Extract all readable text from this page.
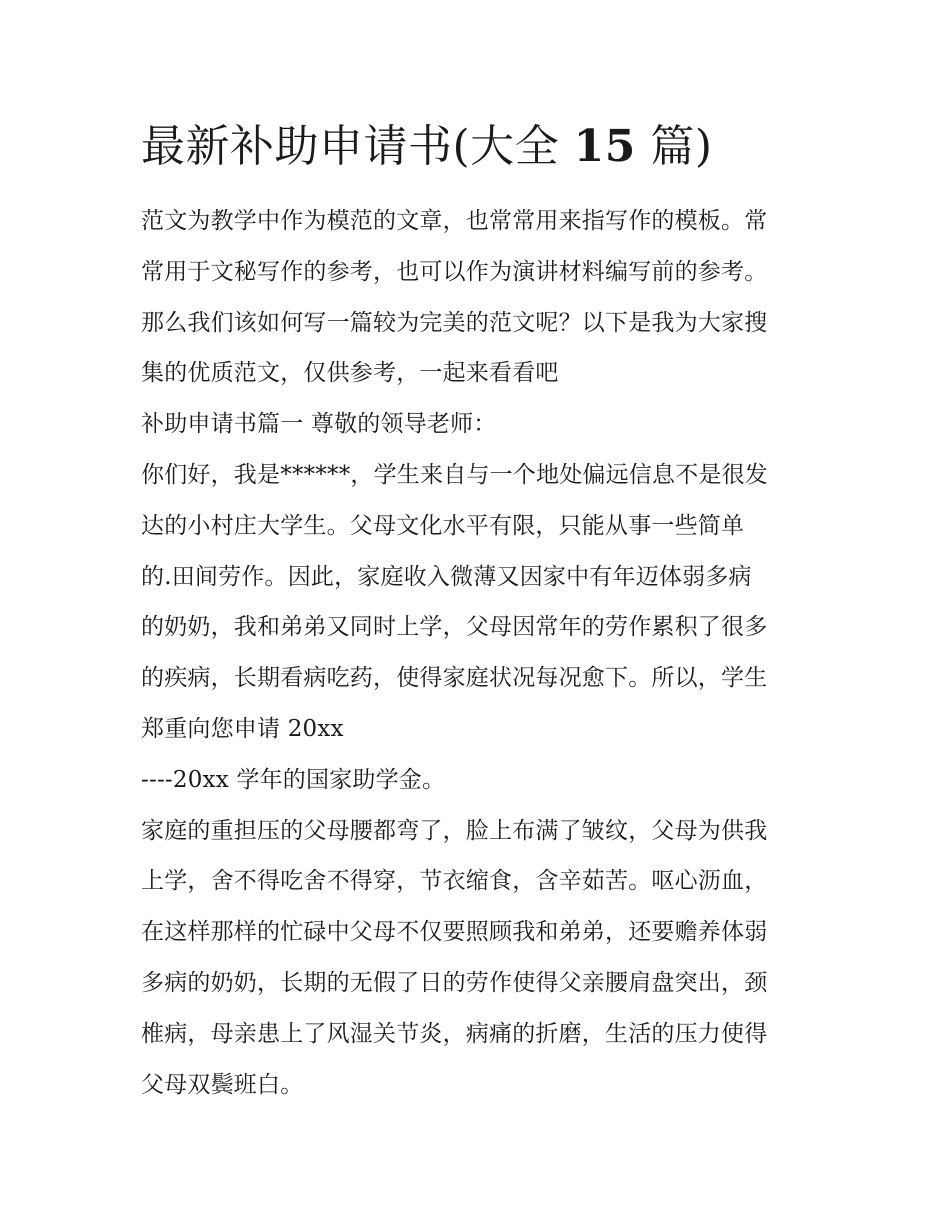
最新补助申请书(大全 15 篇)

范文为教学中作为模范的文章，也常常用来指写作的模板。常

常用于文秘写作的参考，也可以作为演讲材料编写前的参考。

那么我们该如何写一篇较为完美的范文呢？以下是我为大家搜

集的优质范文，仅供参考，一起来看看吧

补助申请书篇一 尊敬的领导老师：

你们好，我是******，学生来自与一个地处偏远信息不是很发

达的小村庄大学生。父母文化水平有限，只能从事一些简单

的.田间劳作。因此，家庭收入微薄又因家中有年迈体弱多病

的奶奶，我和弟弟又同时上学，父母因常年的劳作累积了很多

的疾病，长期看病吃药，使得家庭状况每况愈下。所以，学生

郑重向您申请 20xx

----20xx 学年的国家助学金。

家庭的重担压的父母腰都弯了，脸上布满了皱纹，父母为供我

上学，舍不得吃舍不得穿，节衣缩食，含辛茹苦。呕心沥血，

在这样那样的忙碌中父母不仅要照顾我和弟弟，还要赡养体弱

多病的奶奶，长期的无假了日的劳作使得父亲腰肩盘突出，颈

椎病，母亲患上了风湿关节炎，病痛的折磨，生活的压力使得

父母双鬓班白。
